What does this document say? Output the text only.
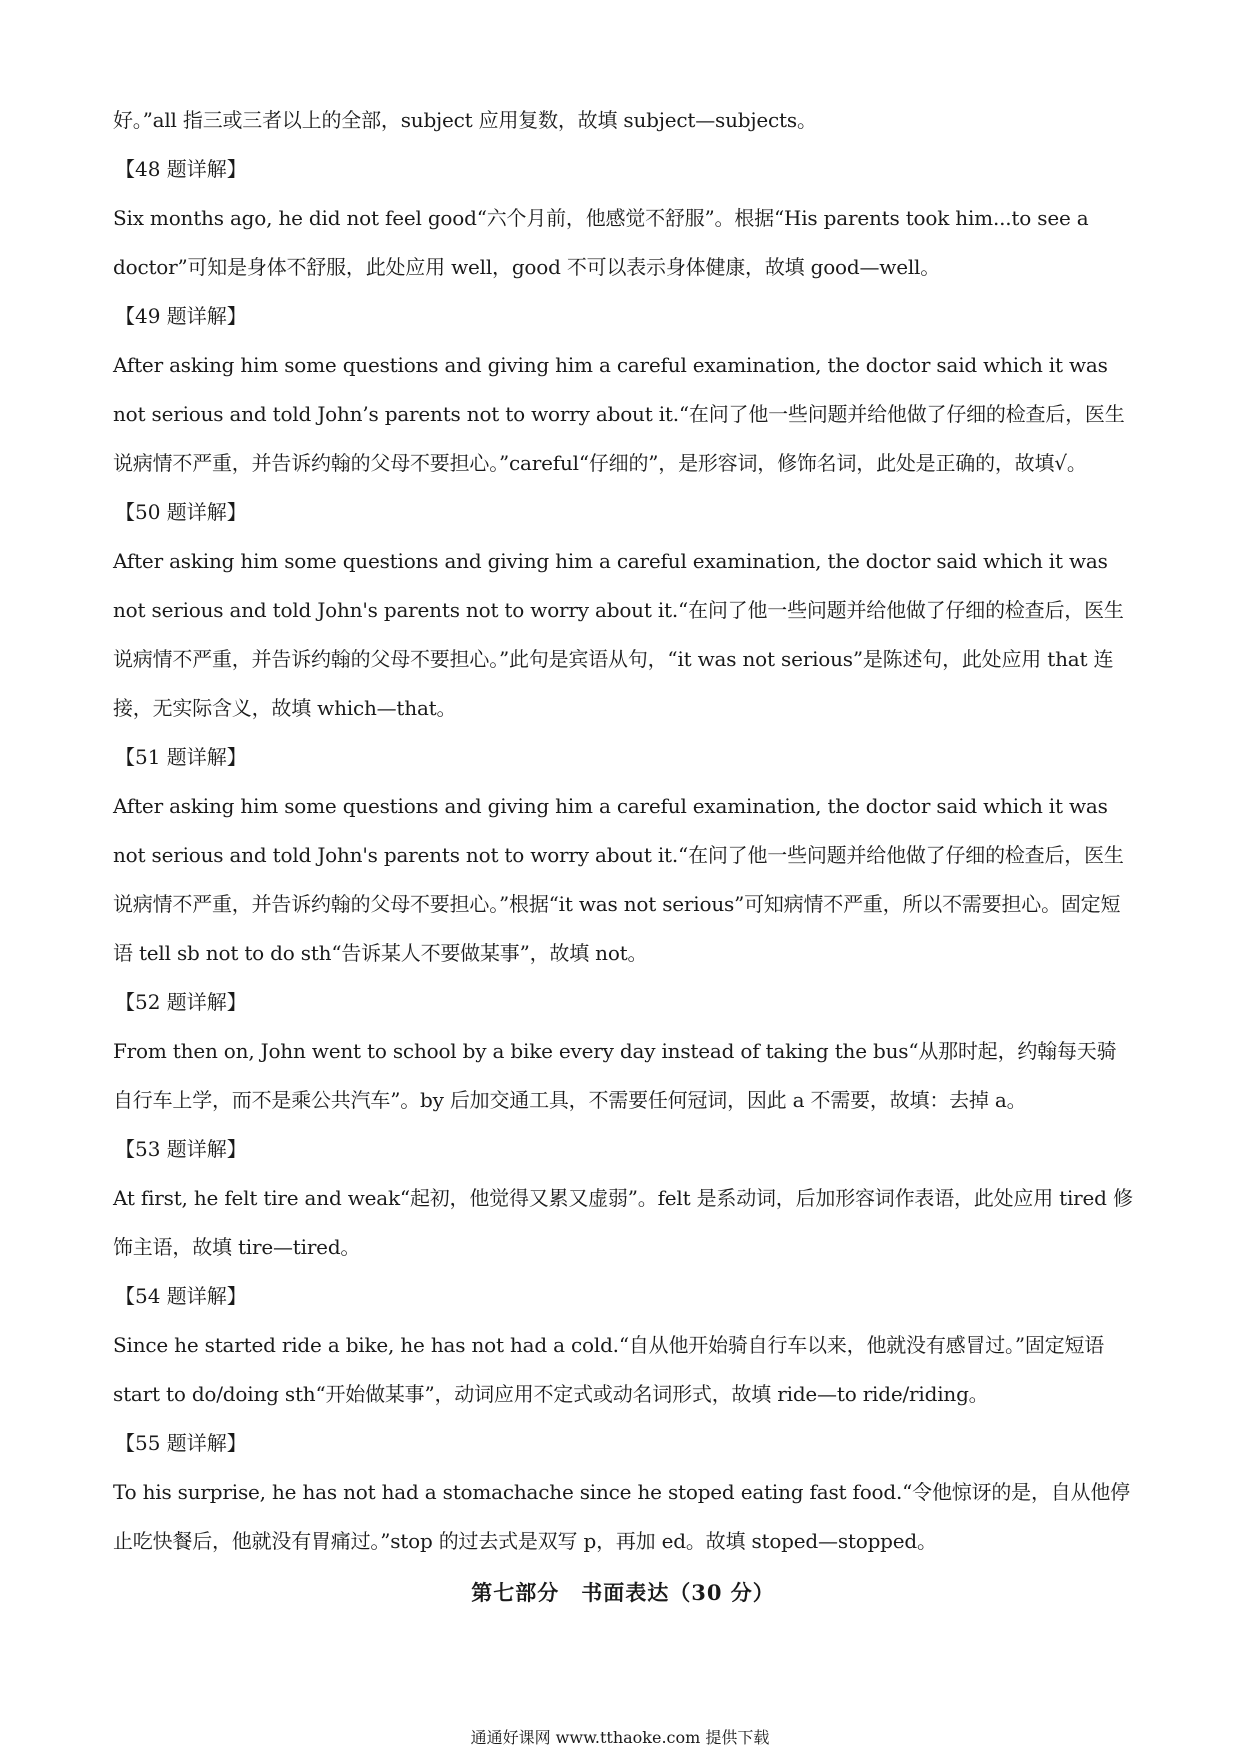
好。”all 指三或三者以上的全部，subject 应用复数，故填 subject—subjects。

【48 题详解】

Six months ago, he did not feel good“六个月前，他感觉不舒服”。根据“His parents took him...to see a doctor”可知是身体不舒服，此处应用 well，good 不可以表示身体健康，故填 good—well。

【49 题详解】

After asking him some questions and giving him a careful examination, the doctor said which it was not serious and told John’s parents not to worry about it.“在问了他一些问题并给他做了仔细的检查后，医生说病情不严重，并告诉约翰的父母不要担心。”careful“仔细的”，是形容词，修饰名词，此处是正确的，故填√。

【50 题详解】

After asking him some questions and giving him a careful examination, the doctor said which it was not serious and told John's parents not to worry about it.“在问了他一些问题并给他做了仔细的检查后，医生说病情不严重，并告诉约翰的父母不要担心。”此句是宾语从句，“it was not serious”是陈述句，此处应用 that 连接，无实际含义，故填 which—that。

【51 题详解】

After asking him some questions and giving him a careful examination, the doctor said which it was not serious and told John's parents not to worry about it.“在问了他一些问题并给他做了仔细的检查后，医生说病情不严重，并告诉约翰的父母不要担心。”根据“it was not serious”可知病情不严重，所以不需要担心。固定短语 tell sb not to do sth“告诉某人不要做某事”，故填 not。

【52 题详解】

From then on, John went to school by a bike every day instead of taking the bus“从那时起，约翰每天骑自行车上学，而不是乘公共汽车”。by 后加交通工具，不需要任何冠词，因此 a 不需要，故填：去掉 a。

【53 题详解】

At first, he felt tire and weak“起初，他觉得又累又虚弱”。felt 是系动词，后加形容词作表语，此处应用 tired 修饰主语，故填 tire—tired。

【54 题详解】

Since he started ride a bike, he has not had a cold.“自从他开始骑自行车以来，他就没有感冒过。”固定短语 start to do/doing sth“开始做某事”，动词应用不定式或动名词形式，故填 ride—to ride/riding。

【55 题详解】

To his surprise, he has not had a stomachache since he stoped eating fast food.“令他惊讶的是，自从他停止吃快餐后，他就没有胃痛过。”stop 的过去式是双写 p，再加 ed。故填 stoped—stopped。

第七部分　书面表达（30 分）
通通好课网 www.tthaoke.com 提供下载
